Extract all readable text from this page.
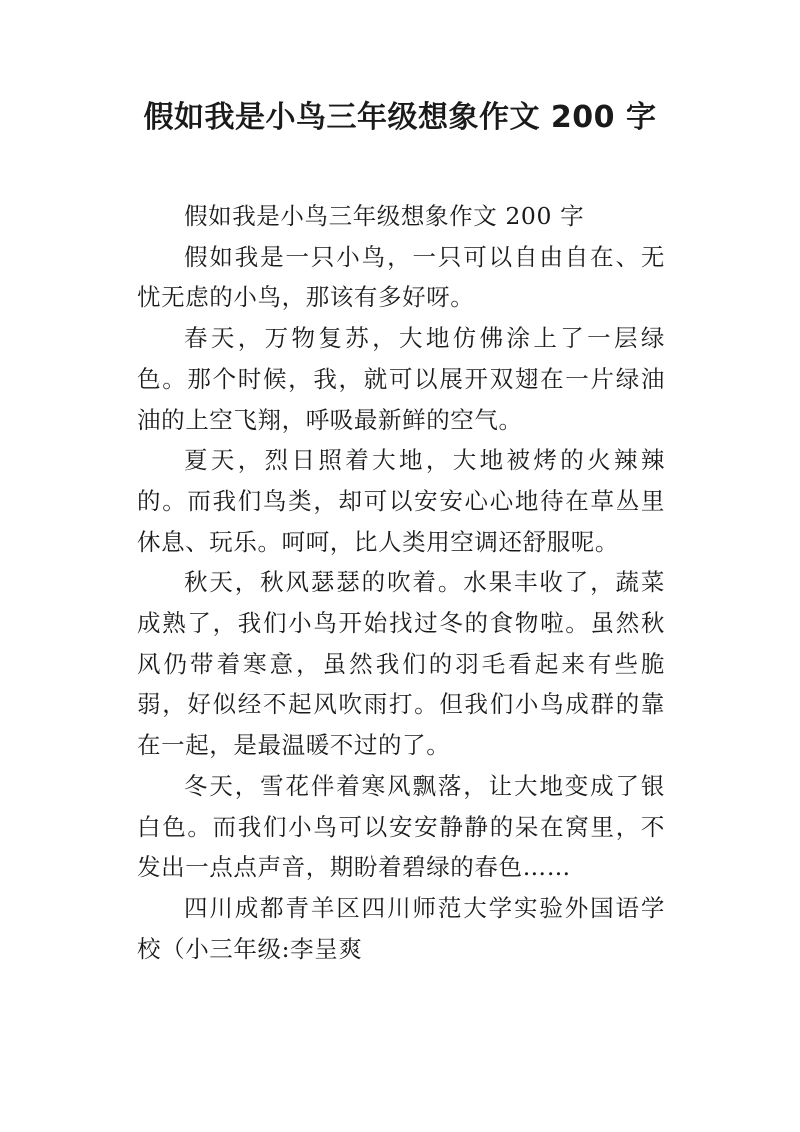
假如我是小鸟三年级想象作文 200 字

假如我是小鸟三年级想象作文 200 字

假如我是一只小鸟，一只可以自由自在、无忧无虑的小鸟，那该有多好呀。

春天，万物复苏，大地仿佛涂上了一层绿色。那个时候，我，就可以展开双翅在一片绿油油的上空飞翔，呼吸最新鲜的空气。

夏天，烈日照着大地，大地被烤的火辣辣的。而我们鸟类，却可以安安心心地待在草丛里休息、玩乐。呵呵，比人类用空调还舒服呢。

秋天，秋风瑟瑟的吹着。水果丰收了，蔬菜成熟了，我们小鸟开始找过冬的食物啦。虽然秋风仍带着寒意，虽然我们的羽毛看起来有些脆弱，好似经不起风吹雨打。但我们小鸟成群的靠在一起，是最温暖不过的了。

冬天，雪花伴着寒风飘落，让大地变成了银白色。而我们小鸟可以安安静静的呆在窝里，不发出一点点声音，期盼着碧绿的春色……

四川成都青羊区四川师范大学实验外国语学校（小三年级:李呈爽
